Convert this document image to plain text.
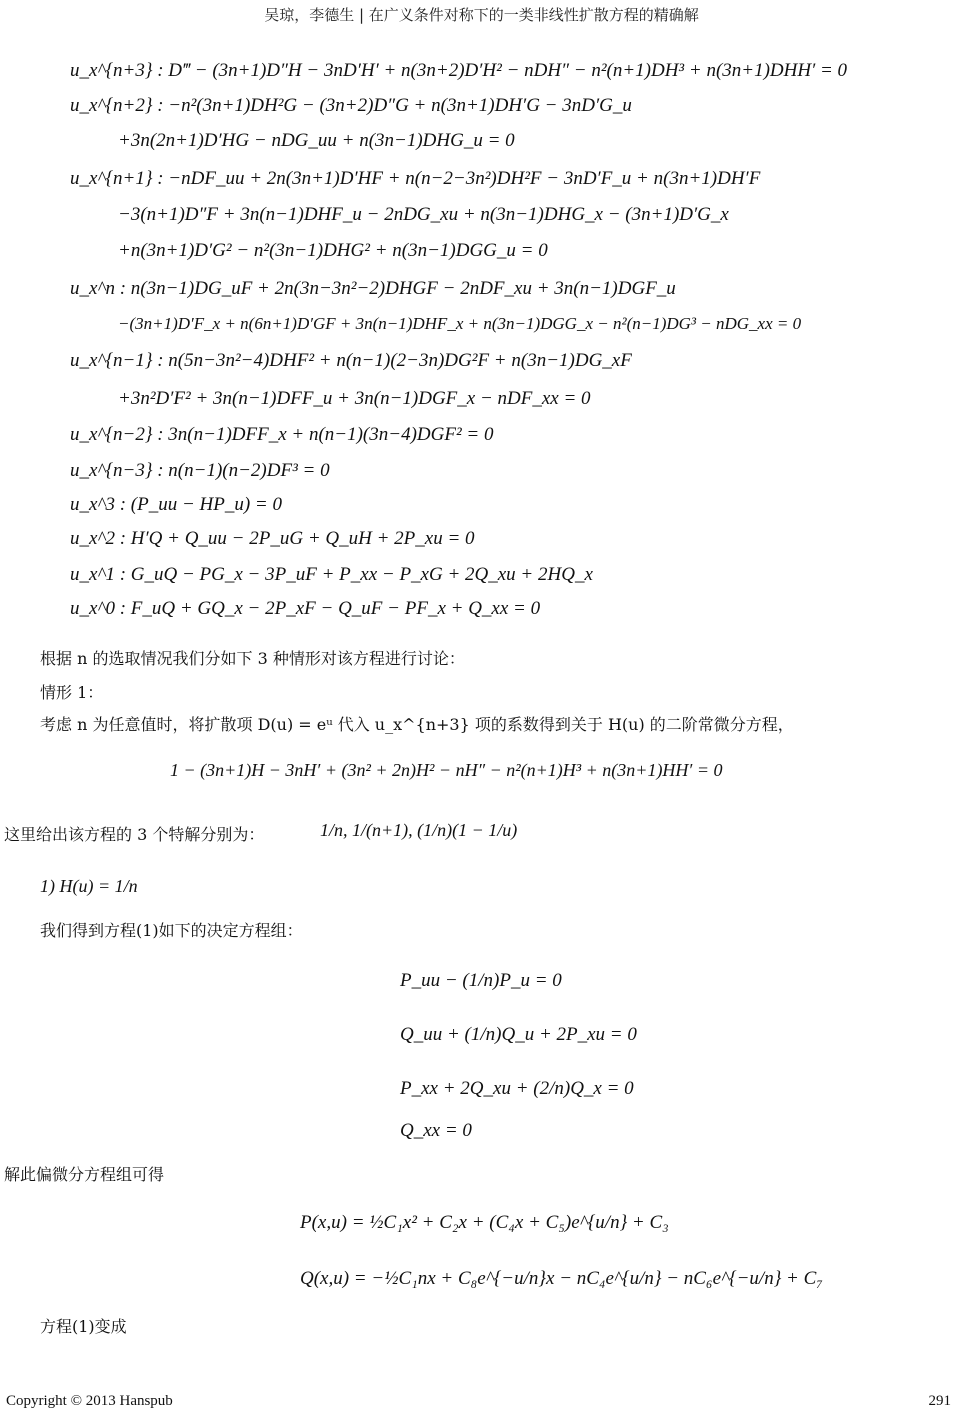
吴琼，李德生 | 在广义条件对称下的一类非线性扩散方程的精确解
u_x^{n+3} : D‴ − (3n+1)D″H − 3nD′H′ + n(3n+2)D′H² − nDH″ − n²(n+1)DH³ + n(3n+1)DHH′ = 0
u_x^{n+2} : −n²(3n+1)DH²G − (3n+2)D″G + n(3n+1)DH′G − 3nD′G_u
+3n(2n+1)D′HG − nDG_uu + n(3n−1)DHG_u = 0
u_x^{n+1} : −nDF_uu + 2n(3n+1)D′HF + n(n−2−3n²)DH²F − 3nD′F_u + n(3n+1)DH′F
−3(n+1)D″F + 3n(n−1)DHF_u − 2nDG_xu + n(3n−1)DHG_x − (3n+1)D′G_x
+n(3n+1)D′G² − n²(3n−1)DHG² + n(3n−1)DGG_u = 0
u_x^n : n(3n−1)DG_uF + 2n(3n−3n²−2)DHGF − 2nDF_xu + 3n(n−1)DGF_u
−(3n+1)D′F_x + n(6n+1)D′GF + 3n(n−1)DHF_x + n(3n−1)DGG_x − n²(n−1)DG³ − nDG_xx = 0
u_x^{n−1} : n(5n−3n²−4)DHF² + n(n−1)(2−3n)DG²F + n(3n−1)DG_xF
+3n²D′F² + 3n(n−1)DFF_u + 3n(n−1)DGF_x − nDF_xx = 0
u_x^{n−2} : 3n(n−1)DFF_x + n(n−1)(3n−4)DGF² = 0
u_x^{n−3} : n(n−1)(n−2)DF³ = 0
u_x^3 : (P_uu − HP_u) = 0
u_x^2 : H′Q + Q_uu − 2P_uG + Q_uH + 2P_xu = 0
u_x^1 : G_uQ − PG_x − 3P_uF + P_xx − P_xG + 2Q_xu + 2HQ_x
u_x^0 : F_uQ + GQ_x − 2P_xF − Q_uF − PF_x + Q_xx = 0
根据 n 的选取情况我们分如下 3 种情形对该方程进行讨论：
情形 1：
考虑 n 为任意值时，将扩散项 D(u) = eᵘ 代入 u_x^{n+3} 项的系数得到关于 H(u) 的二阶常微分方程，
1 − (3n+1)H − 3nH′ + (3n² + 2n)H² − nH″ − n²(n+1)H³ + n(3n+1)HH′ = 0
这里给出该方程的 3 个特解分别为：	1/n, 1/(n+1), (1/n)(1 − 1/u)
1) H(u) = 1/n
我们得到方程(1)如下的决定方程组：
P_uu − (1/n)P_u = 0
Q_uu + (1/n)Q_u + 2P_xu = 0
P_xx + 2Q_xu + (2/n)Q_x = 0
Q_xx = 0
解此偏微分方程组可得
P(x,u) = ½C₁x² + C₂x + (C₄x + C₅)e^{u/n} + C₃
Q(x,u) = −½C₁nx + C₈e^{−u/n}x − nC₄e^{u/n} − nC₆e^{−u/n} + C₇
方程(1)变成
Copyright © 2013 Hanspub	291
